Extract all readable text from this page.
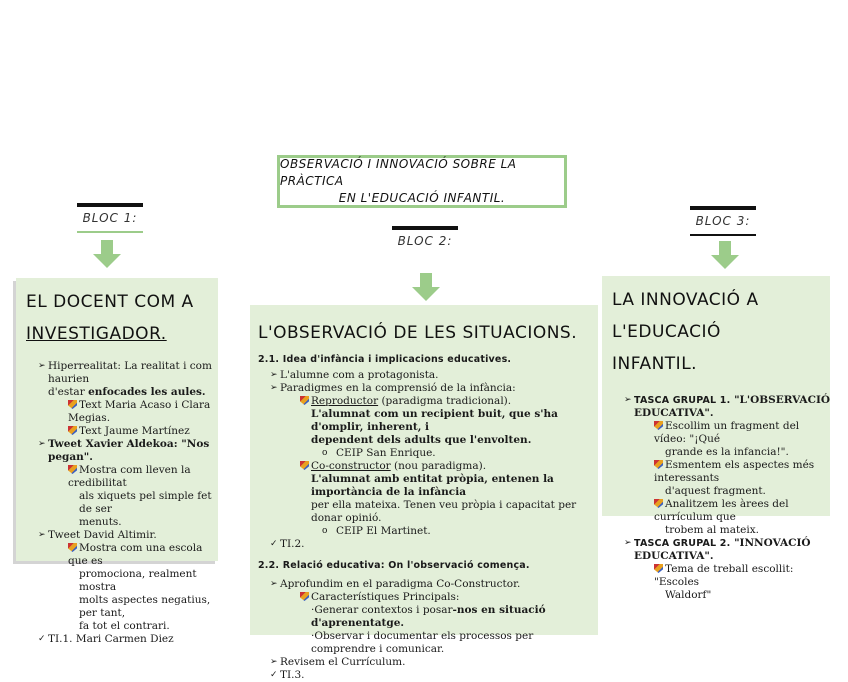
OBSERVACIÓ I INNOVACIÓ SOBRE LA PRÀCTICA
EN L'EDUCACIÓ INFANTIL.
BLOC 1:
BLOC 2:
BLOC 3:
EL DOCENT COM A
INVESTIGADOR.
➢ Hiperrealitat: La realitat i com haurien
d'estar enfocades les aules.
Text Maria Acaso i Clara Megias.
Text Jaume Martínez
➢ Tweet Xavier Aldekoa: "Nos pegan".
Mostra com lleven la credibilitat
als xiquets pel simple fet de ser
menuts.
➢ Tweet David Altimir.
Mostra com una escola que es
promociona, realment mostra
molts aspectes negatius, per tant,
fa tot el contrari.
✓ TI.1. Mari Carmen Diez
L'OBSERVACIÓ DE LES SITUACIONS.
2.1. Idea d'infància i implicacions educatives.
➢ L'alumne com a protagonista.
➢ Paradigmes en la comprensió de la infància:
Reproductor (paradigma tradicional).
L'alumnat com un recipient buit, que s'ha d'omplir, inherent, i
dependent dels adults que l'envolten.
o CEIP San Enrique.
Co-constructor (nou paradigma).
L'alumnat amb entitat pròpia, entenen la importància de la infància
per ella mateixa. Tenen veu pròpia i capacitat per donar opinió.
o CEIP El Martinet.
✓ TI.2.
2.2. Relació educativa: On l'observació comença.
➢ Aprofundim en el paradigma Co-Constructor.
Característiques Principals:
·Generar contextos i posar-nos en situació d'aprenentatge.
·Observar i documentar els processos per comprendre i comunicar.
➢ Revisem el Currículum.
✓ TI.3.
LA INNOVACIÓ A L'EDUCACIÓ
INFANTIL.
➢ TASCA GRUPAL 1. "L'OBSERVACIÓ
EDUCATIVA".
Escollim un fragment del vídeo: "¡Qué
grande es la infancia!".
Esmentem els aspectes més interessants
d'aquest fragment.
Analitzem les àrees del currículum que
trobem al mateix.
➢ TASCA GRUPAL 2. "INNOVACIÓ
EDUCATIVA".
Tema de treball escollit: "Escoles
Waldorf"
